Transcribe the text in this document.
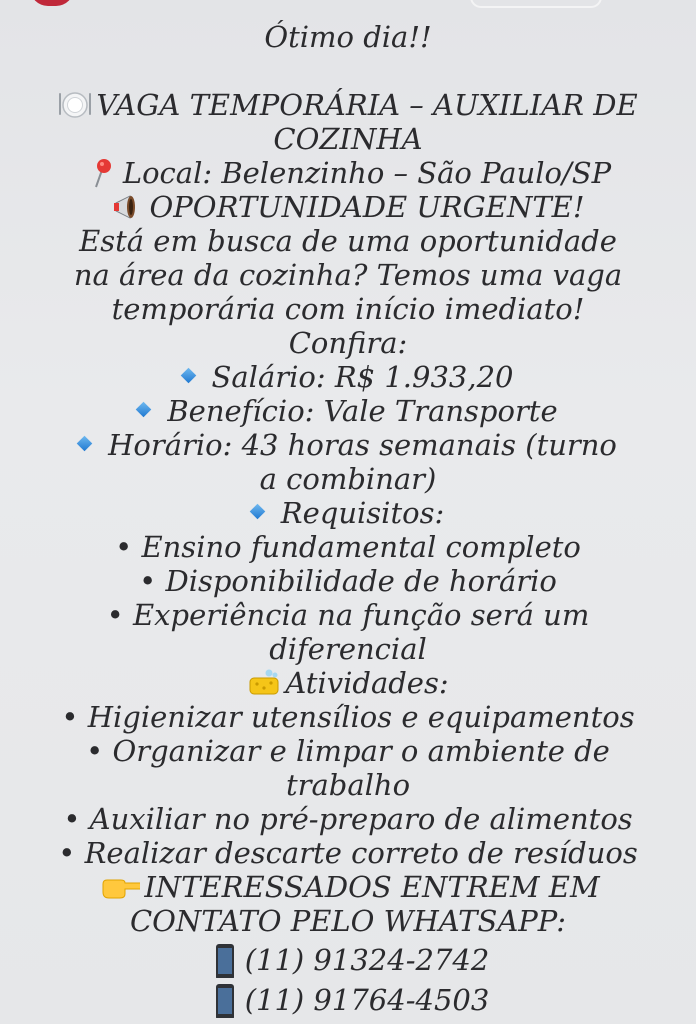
Ótimo dia!!
VAGA TEMPORÁRIA – AUXILIAR DE
COZINHA
Local: Belenzinho – São Paulo/SP
OPORTUNIDADE URGENTE!
Está em busca de uma oportunidade
na área da cozinha? Temos uma vaga
temporária com início imediato!
Confira:
Salário: R$ 1.933,20
Benefício: Vale Transporte
Horário: 43 horas semanais (turno
a combinar)
Requisitos:
• Ensino fundamental completo
• Disponibilidade de horário
• Experiência na função será um
diferencial
Atividades:
• Higienizar utensílios e equipamentos
• Organizar e limpar o ambiente de
trabalho
• Auxiliar no pré-preparo de alimentos
• Realizar descarte correto de resíduos
INTERESSADOS ENTREM EM
CONTATO PELO WHATSAPP:
(11) 91324-2742
(11) 91764-4503
